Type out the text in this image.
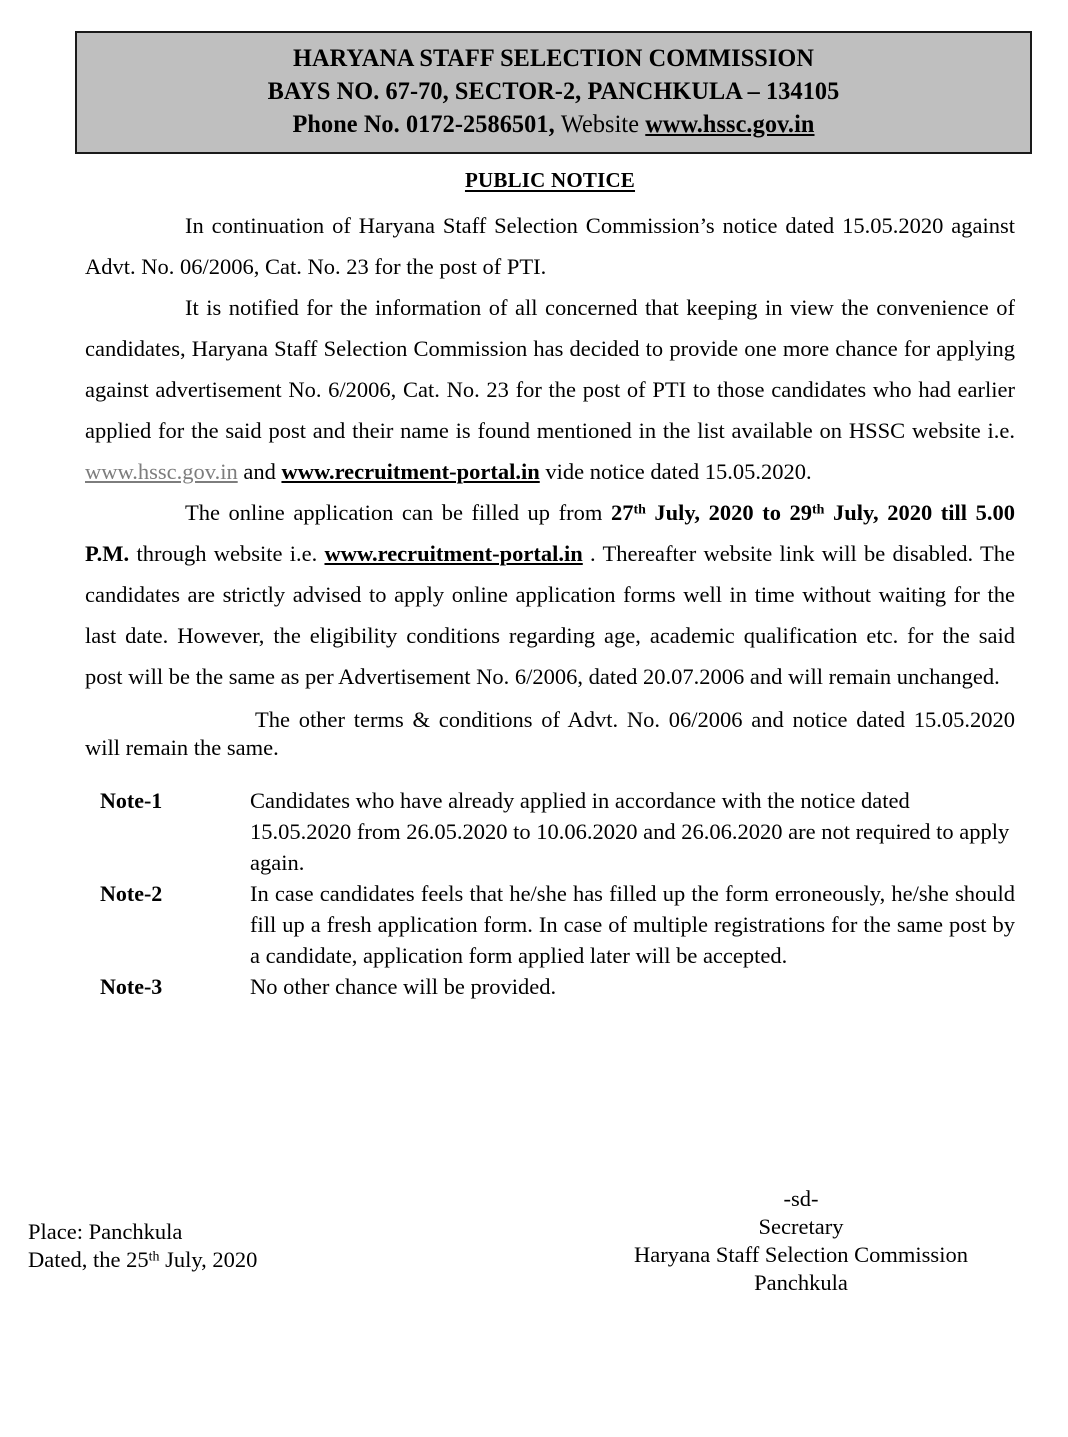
HARYANA STAFF SELECTION COMMISSION
BAYS NO. 67-70, SECTOR-2, PANCHKULA – 134105
Phone No. 0172-2586501, Website www.hssc.gov.in
PUBLIC NOTICE

In continuation of Haryana Staff Selection Commission’s notice dated 15.05.2020 against Advt. No. 06/2006, Cat. No. 23 for the post of PTI.

It is notified for the information of all concerned that keeping in view the convenience of candidates, Haryana Staff Selection Commission has decided to provide one more chance for applying against advertisement No. 6/2006, Cat. No. 23 for the post of PTI to those candidates who had earlier applied for the said post and their name is found mentioned in the list available on HSSC website i.e. www.hssc.gov.in and www.recruitment-portal.in vide notice dated 15.05.2020.

The online application can be filled up from 27th July, 2020 to 29th July, 2020 till 5.00 P.M. through website i.e. www.recruitment-portal.in . Thereafter website link will be disabled. The candidates are strictly advised to apply online application forms well in time without waiting for the last date. However, the eligibility conditions regarding age, academic qualification etc. for the said post will be the same as per Advertisement No. 6/2006, dated 20.07.2006 and will remain unchanged.

The other terms & conditions of Advt. No. 06/2006 and notice dated 15.05.2020 will remain the same.

Note-1	Candidates who have already applied in accordance with the notice dated 15.05.2020 from 26.05.2020 to 10.06.2020 and 26.06.2020 are not required to apply again.
Note-2	In case candidates feels that he/she has filled up the form erroneously, he/she should fill up a fresh application form. In case of multiple registrations for the same post by a candidate, application form applied later will be accepted.
Note-3	No other chance will be provided.
-sd-
Secretary
Haryana Staff Selection Commission
Panchkula
Place: Panchkula
Dated, the 25th July, 2020
